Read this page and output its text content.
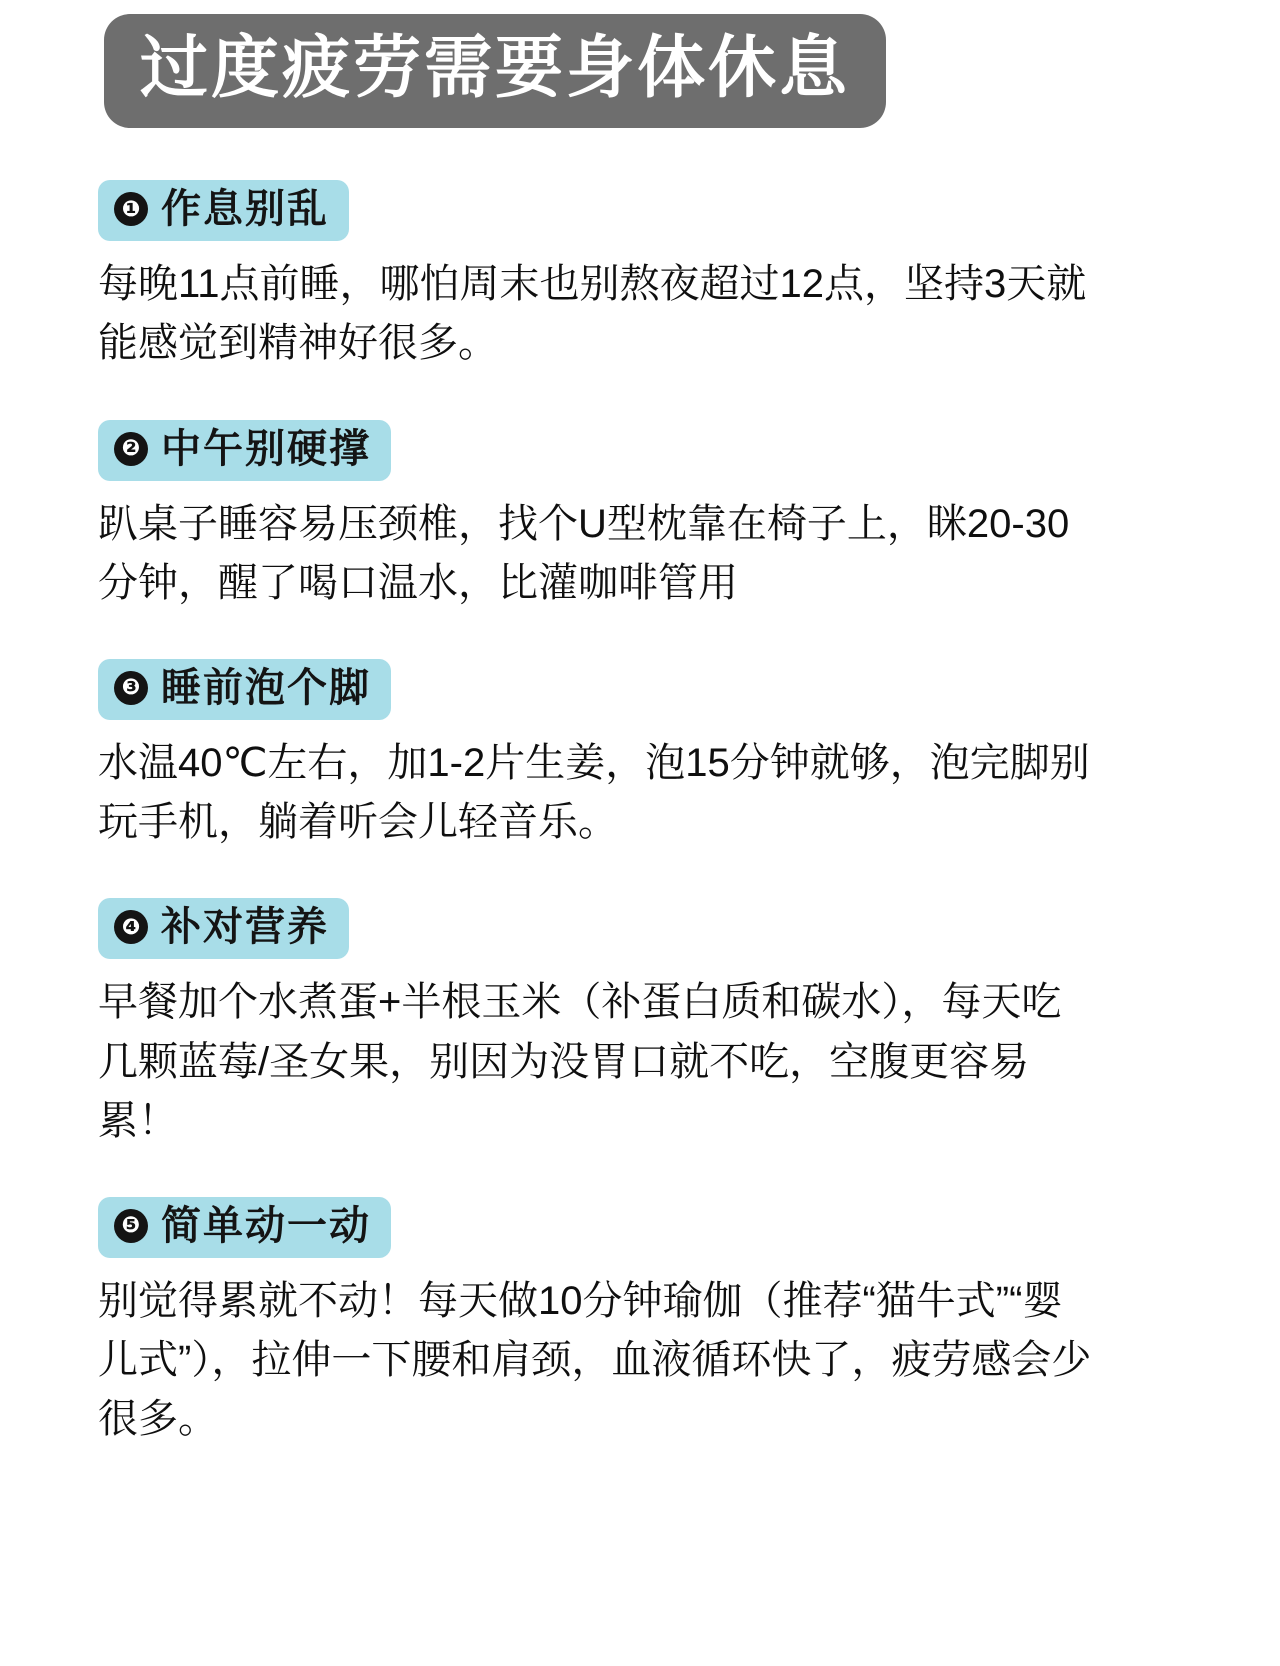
过度疲劳需要身体休息
❶ 作息别乱
每晚11点前睡，哪怕周末也别熬夜超过12点，坚持3天就能感觉到精神好很多。
❷ 中午别硬撑
趴桌子睡容易压颈椎，找个U型枕靠在椅子上，眯20-30分钟，醒了喝口温水，比灌咖啡管用
❸ 睡前泡个脚
水温40℃左右，加1-2片生姜，泡15分钟就够，泡完脚别玩手机，躺着听会儿轻音乐。
❹ 补对营养
早餐加个水煮蛋+半根玉米（补蛋白质和碳水），每天吃几颗蓝莓/圣女果，别因为没胃口就不吃，空腹更容易累！
❺ 简单动一动
别觉得累就不动！每天做10分钟瑜伽（推荐“猫牛式”“婴儿式”），拉伸一下腰和肩颈，血液循环快了，疲劳感会少很多。
